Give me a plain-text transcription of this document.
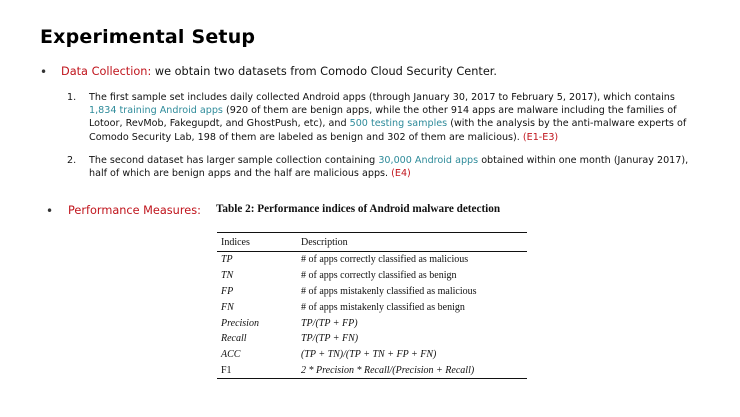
Experimental Setup
• Data Collection: we obtain two datasets from Comodo Cloud Security Center.
1. The first sample set includes daily collected Android apps (through January 30, 2017 to February 5, 2017), which contains 1,834 training Android apps (920 of them are benign apps, while the other 914 apps are malware including the families of Lotoor, RevMob, Fakegupdt, and GhostPush, etc), and 500 testing samples (with the analysis by the anti-malware experts of Comodo Security Lab, 198 of them are labeled as benign and 302 of them are malicious). (E1-E3)
2. The second dataset has larger sample collection containing 30,000 Android apps obtained within one month (Januray 2017), half of which are benign apps and the half are malicious apps. (E4)
• Performance Measures: Table 2: Performance indices of Android malware detection
Indices	Description
TP	# of apps correctly classified as malicious
TN	# of apps correctly classified as benign
FP	# of apps mistakenly classified as malicious
FN	# of apps mistakenly classified as benign
Precision	TP/(TP + FP)
Recall	TP/(TP + FN)
ACC	(TP + TN)/(TP + TN + FP + FN)
F1	2 * Precision * Recall/(Precision + Recall)
